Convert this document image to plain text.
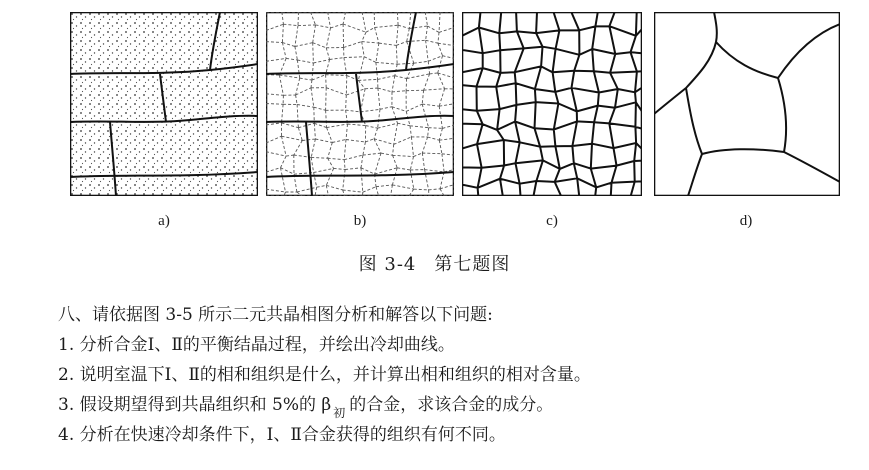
a)	b)	c)	d)
图 3-4 第七题图
八、请依据图 3-5 所示二元共晶相图分析和解答以下问题:
1. 分析合金Ⅰ、Ⅱ的平衡结晶过程，并绘出冷却曲线。
2. 说明室温下Ⅰ、Ⅱ的相和组织是什么，并计算出相和组织的相对含量。
3. 假设期望得到共晶组织和 5%的 β $_初$ 的合金，求该合金的成分。
4. 分析在快速冷却条件下，Ⅰ、Ⅱ合金获得的组织有何不同。
